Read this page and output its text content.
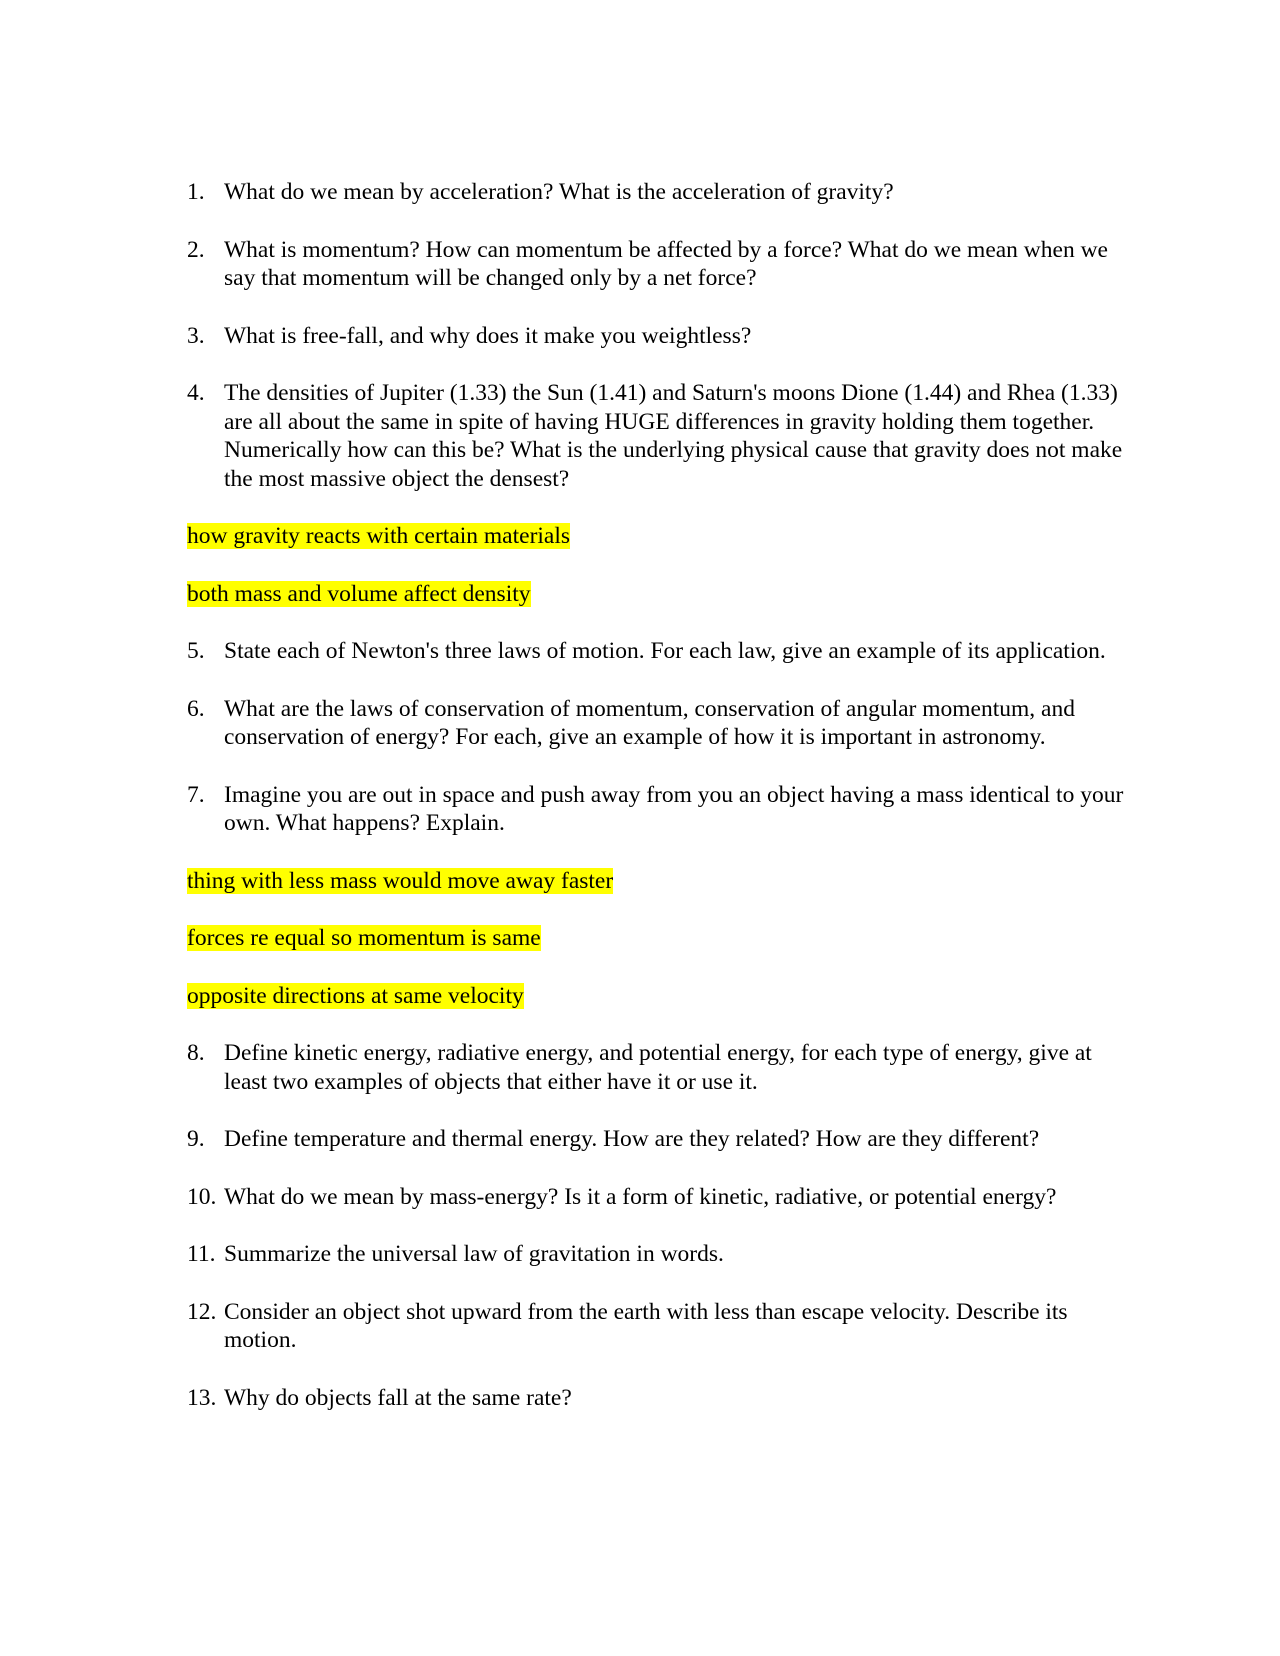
1. What do we mean by acceleration? What is the acceleration of gravity?
2. What is momentum? How can momentum be affected by a force? What do we mean when we say that momentum will be changed only by a net force?
3. What is free-fall, and why does it make you weightless?
4. The densities of Jupiter (1.33) the Sun (1.41) and Saturn's moons Dione (1.44) and Rhea (1.33) are all about the same in spite of having HUGE differences in gravity holding them together. Numerically how can this be? What is the underlying physical cause that gravity does not make the most massive object the densest?
how gravity reacts with certain materials
both mass and volume affect density
5. State each of Newton's three laws of motion. For each law, give an example of its application.
6. What are the laws of conservation of momentum, conservation of angular momentum, and conservation of energy? For each, give an example of how it is important in astronomy.
7. Imagine you are out in space and push away from you an object having a mass identical to your own. What happens? Explain.
thing with less mass would move away faster
forces re equal so momentum is same
opposite directions at same velocity
8. Define kinetic energy, radiative energy, and potential energy, for each type of energy, give at least two examples of objects that either have it or use it.
9. Define temperature and thermal energy. How are they related? How are they different?
10. What do we mean by mass-energy? Is it a form of kinetic, radiative, or potential energy?
11. Summarize the universal law of gravitation in words.
12. Consider an object shot upward from the earth with less than escape velocity. Describe its motion.
13. Why do objects fall at the same rate?
